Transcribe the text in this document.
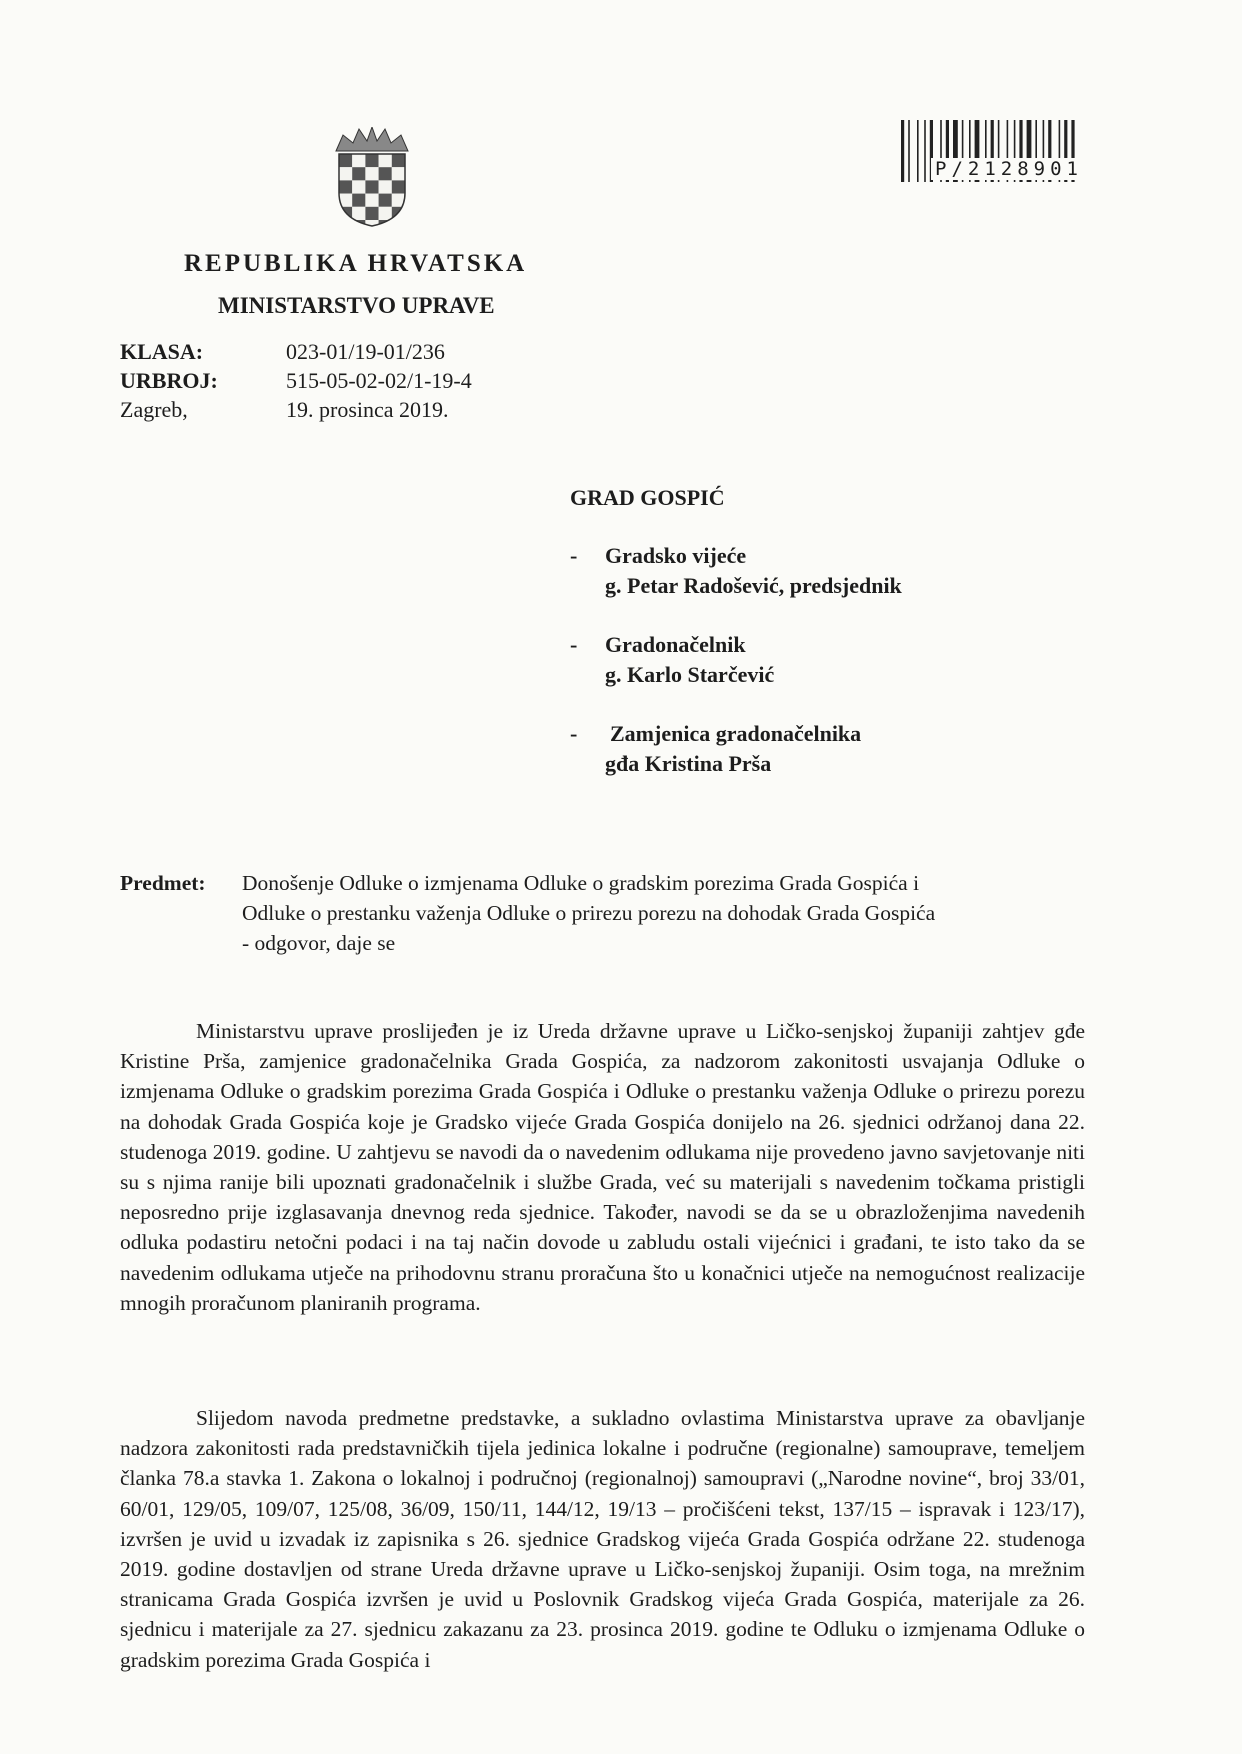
P/2128901
REPUBLIKA HRVATSKA
MINISTARSTVO UPRAVE
KLASA:	023-01/19-01/236
URBROJ:	515-05-02-02/1-19-4
Zagreb,	19. prosinca 2019.
GRAD GOSPIĆ
-	Gradsko vijeće
g. Petar Radošević, predsjednik
-	Gradonačelnik
g. Karlo Starčević
-	Zamjenica gradonačelnika
gđa Kristina Prša
Predmet:	Donošenje Odluke o izmjenama Odluke o gradskim porezima Grada Gospića i
Odluke o prestanku važenja Odluke o prirezu porezu na dohodak Grada Gospića
- odgovor, daje se

Ministarstvu uprave proslijeđen je iz Ureda državne uprave u Ličko-senjskoj županiji zahtjev gđe Kristine Prša, zamjenice gradonačelnika Grada Gospića, za nadzorom zakonitosti usvajanja Odluke o izmjenama Odluke o gradskim porezima Grada Gospića i Odluke o prestanku važenja Odluke o prirezu porezu na dohodak Grada Gospića koje je Gradsko vijeće Grada Gospića donijelo na 26. sjednici održanoj dana 22. studenoga 2019. godine. U zahtjevu se navodi da o navedenim odlukama nije provedeno javno savjetovanje niti su s njima ranije bili upoznati gradonačelnik i službe Grada, već su materijali s navedenim točkama pristigli neposredno prije izglasavanja dnevnog reda sjednice. Također, navodi se da se u obrazloženjima navedenih odluka podastiru netočni podaci i na taj način dovode u zabludu ostali vijećnici i građani, te isto tako da se navedenim odlukama utječe na prihodovnu stranu proračuna što u konačnici utječe na nemogućnost realizacije mnogih proračunom planiranih programa.

Slijedom navoda predmetne predstavke, a sukladno ovlastima Ministarstva uprave za obavljanje nadzora zakonitosti rada predstavničkih tijela jedinica lokalne i područne (regionalne) samouprave, temeljem članka 78.a stavka 1. Zakona o lokalnoj i područnoj (regionalnoj) samoupravi („Narodne novine“, broj 33/01, 60/01, 129/05, 109/07, 125/08, 36/09, 150/11, 144/12, 19/13 – pročišćeni tekst, 137/15 – ispravak i 123/17), izvršen je uvid u izvadak iz zapisnika s 26. sjednice Gradskog vijeća Grada Gospića održane 22. studenoga 2019. godine dostavljen od strane Ureda državne uprave u Ličko-senjskoj županiji. Osim toga, na mrežnim stranicama Grada Gospića izvršen je uvid u Poslovnik Gradskog vijeća Grada Gospića, materijale za 26. sjednicu i materijale za 27. sjednicu zakazanu za 23. prosinca 2019. godine te Odluku o izmjenama Odluke o gradskim porezima Grada Gospića i
